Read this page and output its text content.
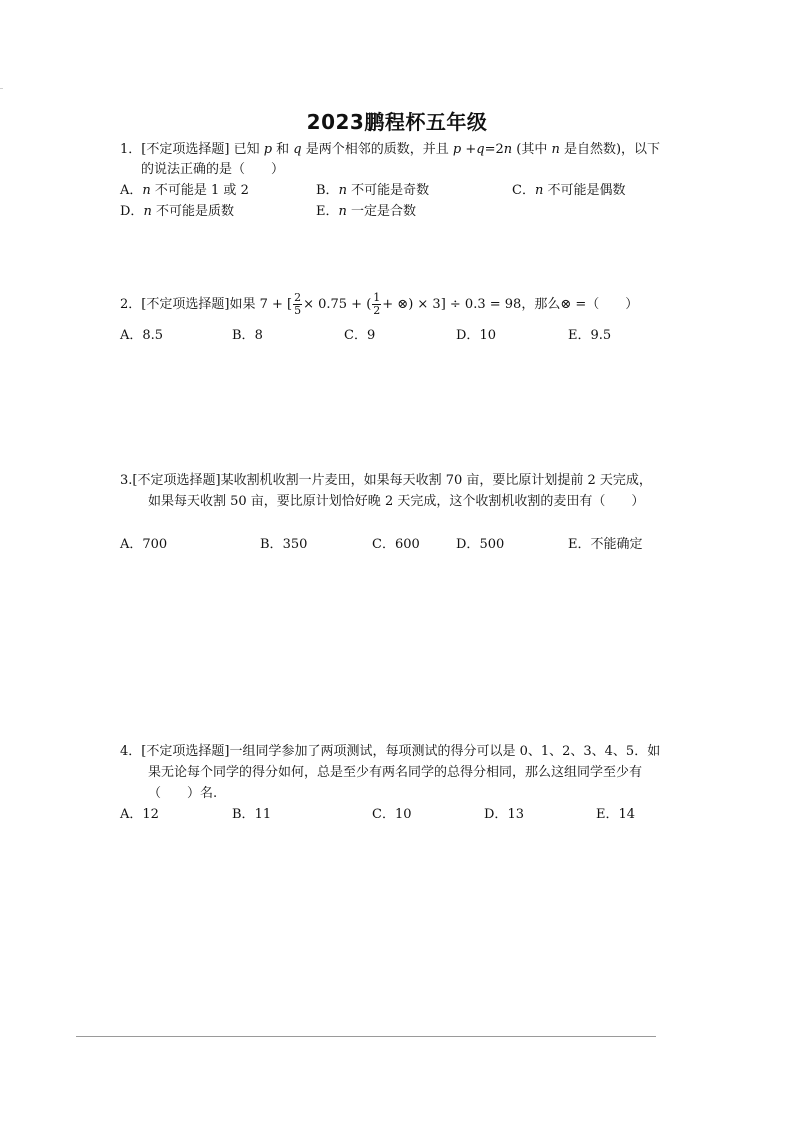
2023鹏程杯五年级
1．[不定项选择题] 已知 p 和 q 是两个相邻的质数，并且 p +q=2n (其中 n 是自然数)，以下
的说法正确的是（　　）
A．n 不可能是 1 或 2	B．n 不可能是奇数	C．n 不可能是偶数
D．n 不可能是质数	E．n 一定是合数
2．[不定项选择题]如果 7 + [ $\frac{2}{5} \times 0.75$ + ( $\frac{1}{2}$ + ⊗) × 3] ÷ 0.3 = 98，那么⊗ =（　　）
A．8.5	B．8	C．9	D．10	E．9.5
3.[不定项选择题]某收割机收割一片麦田，如果每天收割 70 亩，要比原计划提前 2 天完成，
如果每天收割 50 亩，要比原计划恰好晚 2 天完成，这个收割机收割的麦田有（　　）
A．700	B．350	C．600	D．500	E．不能确定
4．[不定项选择题]一组同学参加了两项测试，每项测试的得分可以是 0、1、2、3、4、5．如
果无论每个同学的得分如何，总是至少有两名同学的总得分相同，那么这组同学至少有
（　　）名.
A．12	B．11	C．10	D．13	E．14
